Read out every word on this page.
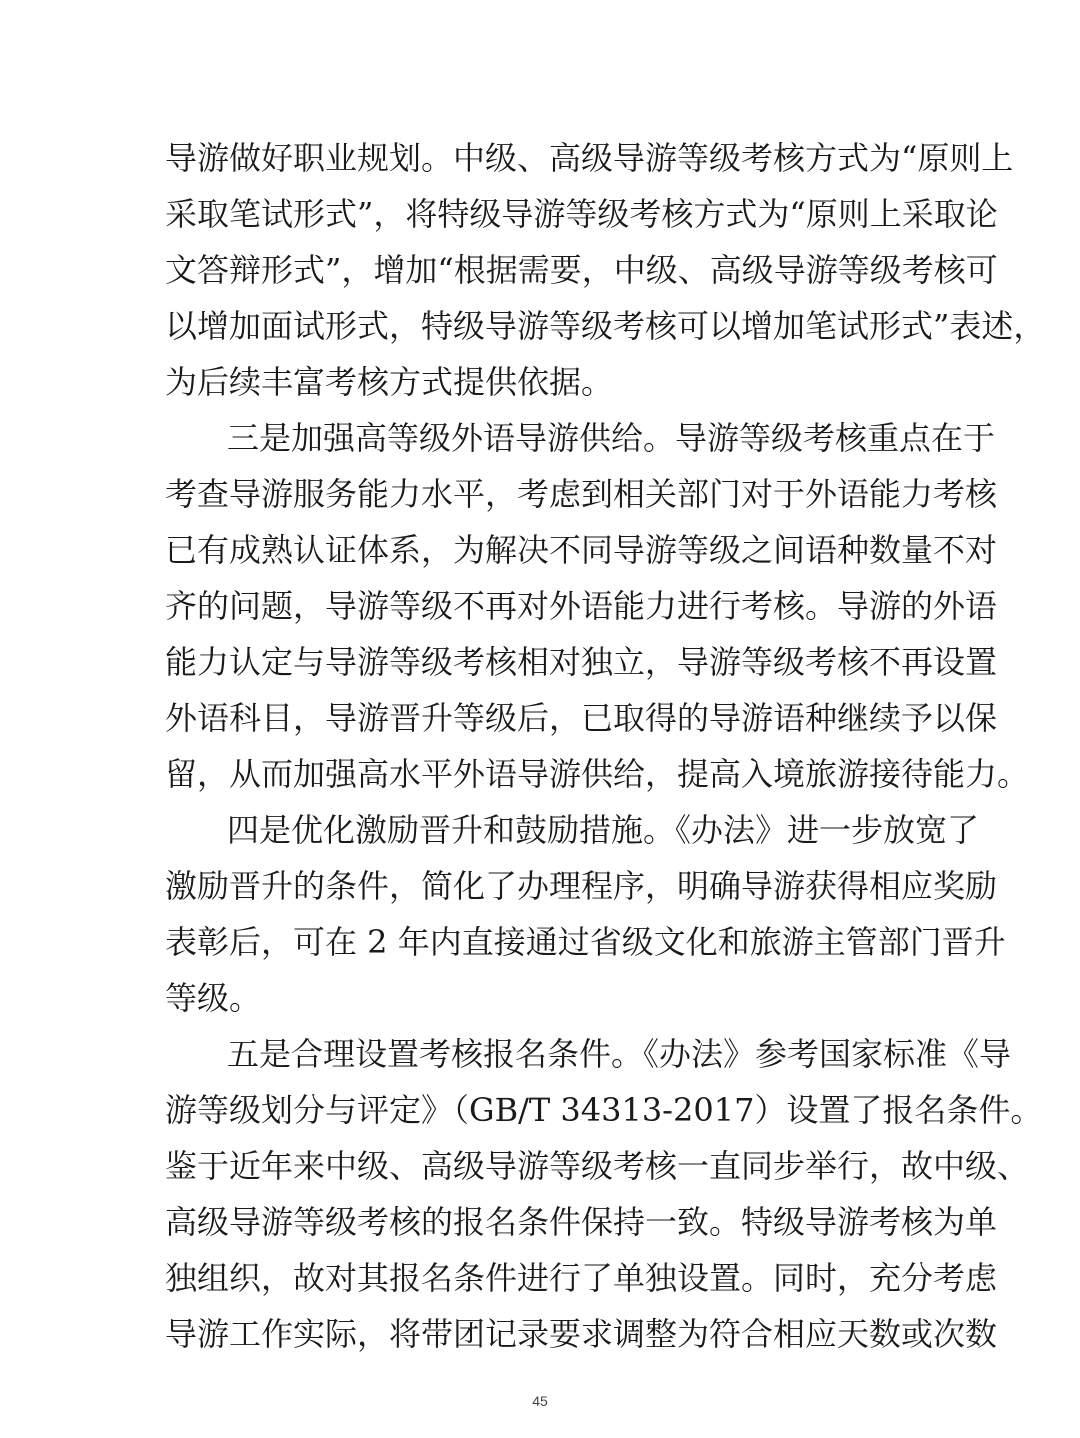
导游做好职业规划。中级、高级导游等级考核方式为“原则上
采取笔试形式”，将特级导游等级考核方式为“原则上采取论
文答辩形式”，增加“根据需要，中级、高级导游等级考核可
以增加面试形式，特级导游等级考核可以增加笔试形式”表述，
为后续丰富考核方式提供依据。
三是加强高等级外语导游供给。导游等级考核重点在于
考查导游服务能力水平，考虑到相关部门对于外语能力考核
已有成熟认证体系，为解决不同导游等级之间语种数量不对
齐的问题，导游等级不再对外语能力进行考核。导游的外语
能力认定与导游等级考核相对独立，导游等级考核不再设置
外语科目，导游晋升等级后，已取得的导游语种继续予以保
留，从而加强高水平外语导游供给，提高入境旅游接待能力。
四是优化激励晋升和鼓励措施。《办法》进一步放宽了
激励晋升的条件，简化了办理程序，明确导游获得相应奖励
表彰后，可在 2 年内直接通过省级文化和旅游主管部门晋升
等级。
五是合理设置考核报名条件。《办法》参考国家标准《导
游等级划分与评定》（GB/T 34313-2017）设置了报名条件。
鉴于近年来中级、高级导游等级考核一直同步举行，故中级、
高级导游等级考核的报名条件保持一致。特级导游考核为单
独组织，故对其报名条件进行了单独设置。同时，充分考虑
导游工作实际，将带团记录要求调整为符合相应天数或次数
45
